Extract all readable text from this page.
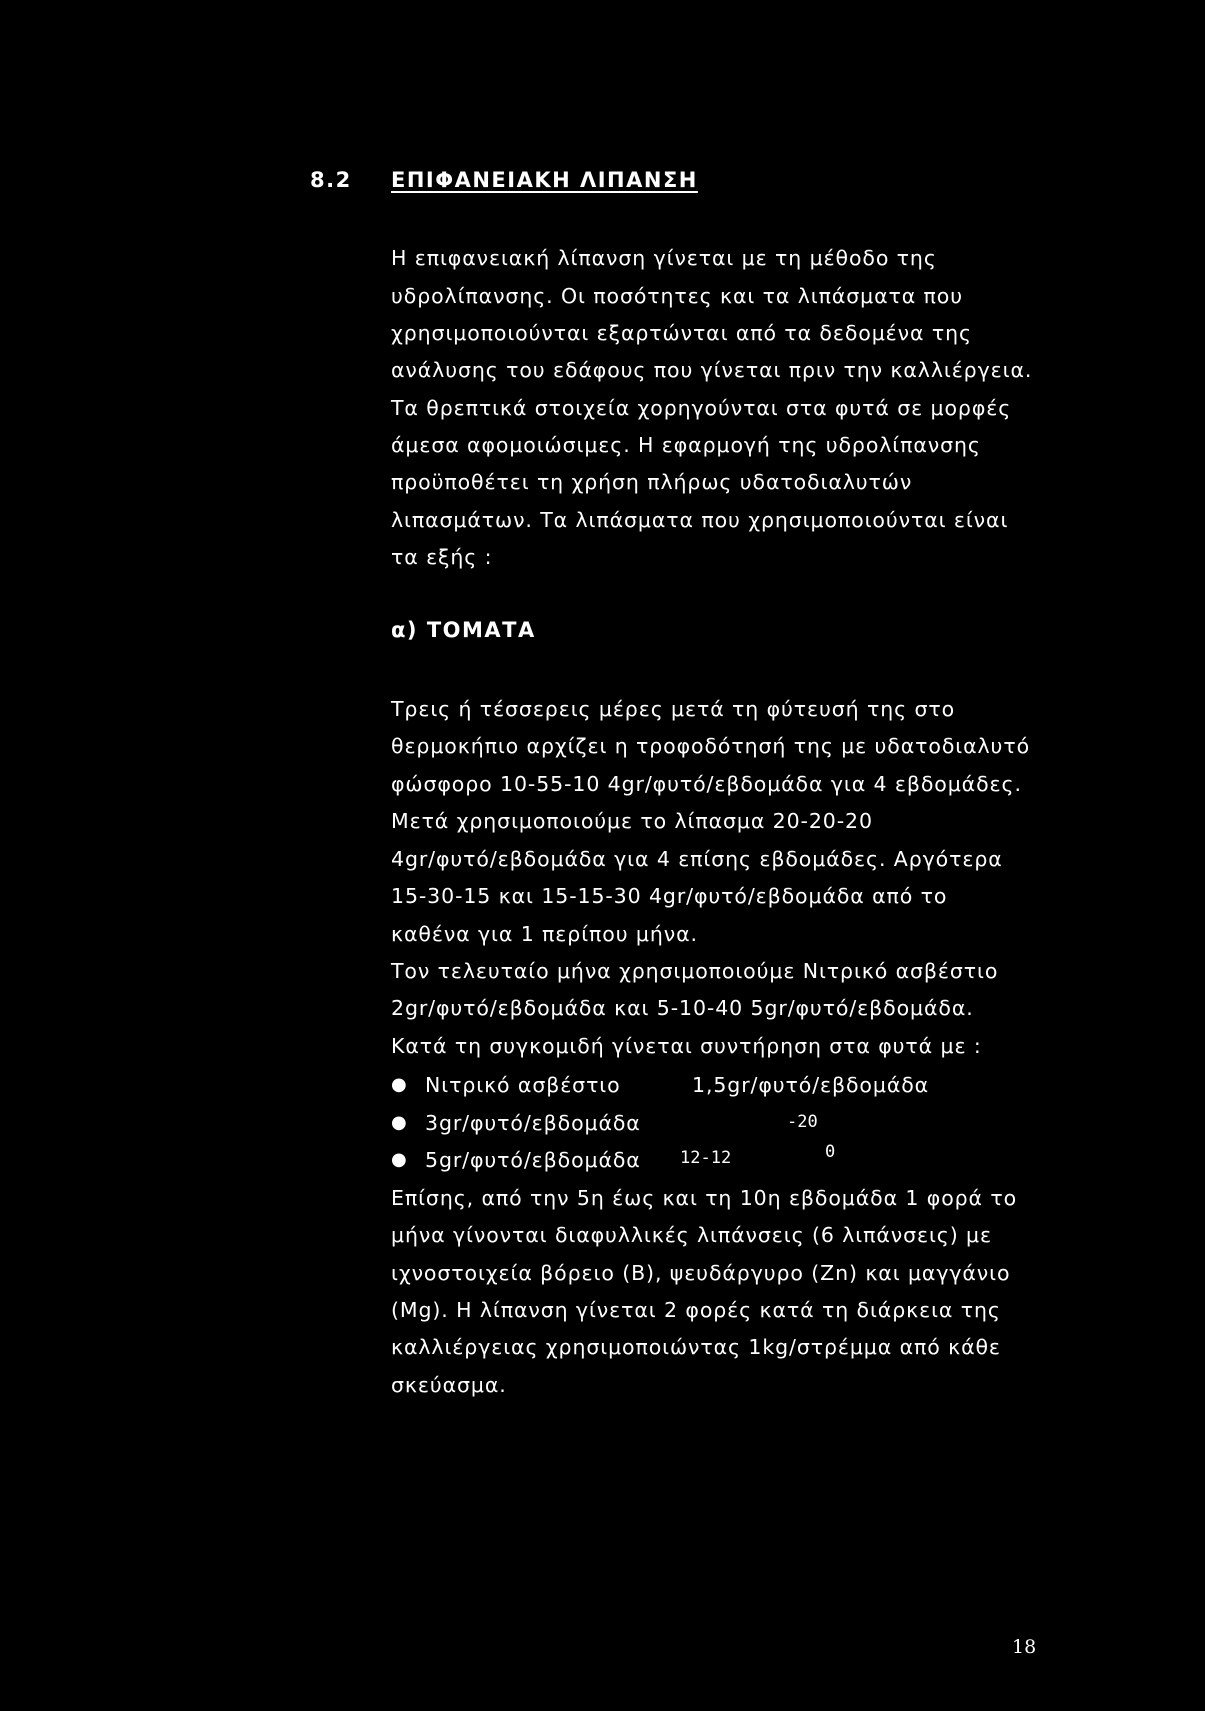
8.2 ΕΠΙΦΑΝΕΙΑΚΗ ΛΙΠΑΝΣΗ
Η επιφανειακή λίπανση γίνεται με τη μέθοδο της
υδρολίπανσης. Οι ποσότητες και τα λιπάσματα που
χρησιμοποιούνται εξαρτώνται από τα δεδομένα της
ανάλυσης του εδάφους που γίνεται πριν την καλλιέργεια.
Τα θρεπτικά στοιχεία χορηγούνται στα φυτά σε μορφές
άμεσα αφομοιώσιμες. Η εφαρμογή της υδρολίπανσης
προϋποθέτει τη χρήση πλήρως υδατοδιαλυτών
λιπασμάτων. Τα λιπάσματα που χρησιμοποιούνται είναι
τα εξής :
α) ΤΟΜΑΤΑ
Τρεις ή τέσσερεις μέρες μετά τη φύτευσή της στο
θερμοκήπιο αρχίζει η τροφοδότησή της με υδατοδιαλυτό
φώσφορο 10-55-10 4gr/φυτό/εβδομάδα για 4 εβδομάδες.
Μετά χρησιμοποιούμε το λίπασμα 20-20-20
4gr/φυτό/εβδομάδα για 4 επίσης εβδομάδες. Αργότερα
15-30-15 και 15-15-30 4gr/φυτό/εβδομάδα από το
καθένα για 1 περίπου μήνα.
Τον τελευταίο μήνα χρησιμοποιούμε Νιτρικό ασβέστιο
2gr/φυτό/εβδομάδα και 5-10-40 5gr/φυτό/εβδομάδα.
Κατά τη συγκομιδή γίνεται συντήρηση στα φυτά με :
● Νιτρικό ασβέστιο	1,5gr/φυτό/εβδομάδα
● 3gr/φυτό/εβδομάδα	-20
● 5gr/φυτό/εβδομάδα 12-12	0
Επίσης, από την 5η έως και τη 10η εβδομάδα 1 φορά το
μήνα γίνονται διαφυλλικές λιπάνσεις (6 λιπάνσεις) με
ιχνοστοιχεία βόρειο (Β), ψευδάργυρο (Zn) και μαγγάνιο
(Mg). Η λίπανση γίνεται 2 φορές κατά τη διάρκεια της
καλλιέργειας χρησιμοποιώντας 1kg/στρέμμα από κάθε
σκεύασμα.
18
